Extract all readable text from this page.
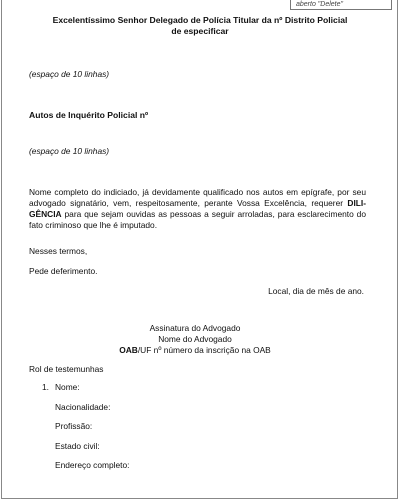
aberto "Delete"
Excelentíssimo Senhor Delegado de Polícia Titular da nº Distrito Policial
de especificar
(espaço de 10 linhas)
Autos de Inquérito Policial nº
(espaço de 10 linhas)
Nome completo do indiciado, já devidamente qualificado nos autos em epígrafe, por seu advogado signatário, vem, respeitosamente, perante Vossa Excelência, requerer DILI-GÊNCIA para que sejam ouvidas as pessoas a seguir arroladas, para esclarecimento do fato criminoso que lhe é imputado.
Nesses termos,
Pede deferimento.
Local, dia de mês de ano.
Assinatura do Advogado
Nome do Advogado
OAB/UF nº número da inscrição na OAB
Rol de testemunhas
1. Nome:
Nacionalidade:
Profissão:
Estado civil:
Endereço completo:
